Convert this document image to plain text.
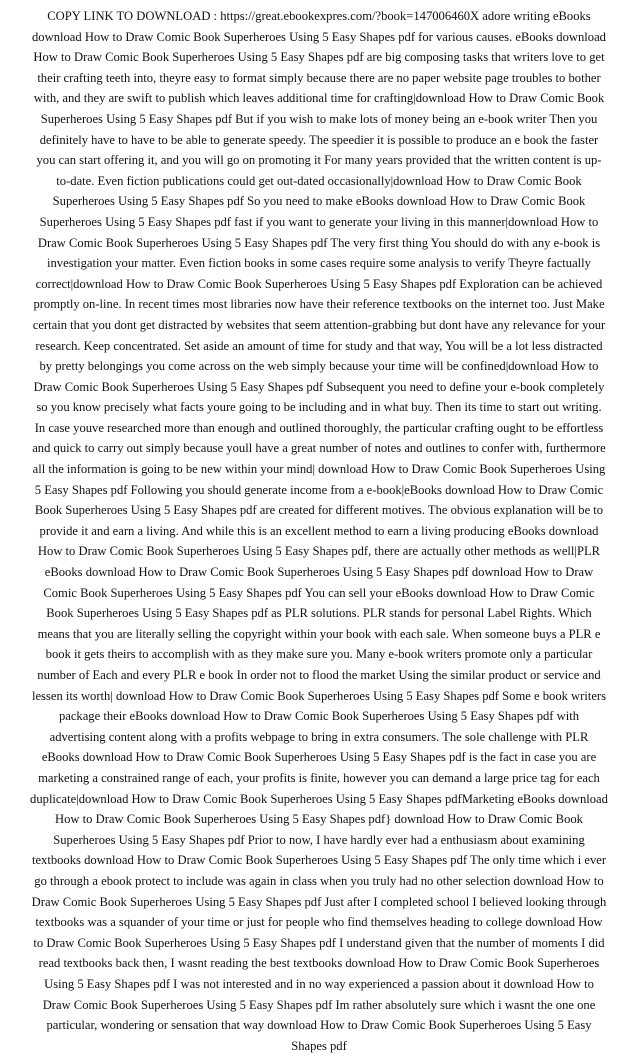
COPY LINK TO DOWNLOAD : https://great.ebookexpres.com/?book=147006460X adore writing eBooks download How to Draw Comic Book Superheroes Using 5 Easy Shapes pdf for various causes. eBooks download How to Draw Comic Book Superheroes Using 5 Easy Shapes pdf are big composing tasks that writers love to get their crafting teeth into, theyre easy to format simply because there are no paper website page troubles to bother with, and they are swift to publish which leaves additional time for crafting|download How to Draw Comic Book Superheroes Using 5 Easy Shapes pdf But if you wish to make lots of money being an e-book writer Then you definitely have to have to be able to generate speedy. The speedier it is possible to produce an e book the faster you can start offering it, and you will go on promoting it For many years provided that the written content is up-to-date. Even fiction publications could get out-dated occasionally|download How to Draw Comic Book Superheroes Using 5 Easy Shapes pdf So you need to make eBooks download How to Draw Comic Book Superheroes Using 5 Easy Shapes pdf fast if you want to generate your living in this manner|download How to Draw Comic Book Superheroes Using 5 Easy Shapes pdf The very first thing You should do with any e-book is investigation your matter. Even fiction books in some cases require some analysis to verify Theyre factually correct|download How to Draw Comic Book Superheroes Using 5 Easy Shapes pdf Exploration can be achieved promptly on-line. In recent times most libraries now have their reference textbooks on the internet too. Just Make certain that you dont get distracted by websites that seem attention-grabbing but dont have any relevance for your research. Keep concentrated. Set aside an amount of time for study and that way, You will be a lot less distracted by pretty belongings you come across on the web simply because your time will be confined|download How to Draw Comic Book Superheroes Using 5 Easy Shapes pdf Subsequent you need to define your e-book completely so you know precisely what facts youre going to be including and in what buy. Then its time to start out writing. In case youve researched more than enough and outlined thoroughly, the particular crafting ought to be effortless and quick to carry out simply because youll have a great number of notes and outlines to confer with, furthermore all the information is going to be new within your mind| download How to Draw Comic Book Superheroes Using 5 Easy Shapes pdf Following you should generate income from a e-book|eBooks download How to Draw Comic Book Superheroes Using 5 Easy Shapes pdf are created for different motives. The obvious explanation will be to provide it and earn a living. And while this is an excellent method to earn a living producing eBooks download How to Draw Comic Book Superheroes Using 5 Easy Shapes pdf, there are actually other methods as well|PLR eBooks download How to Draw Comic Book Superheroes Using 5 Easy Shapes pdf download How to Draw Comic Book Superheroes Using 5 Easy Shapes pdf You can sell your eBooks download How to Draw Comic Book Superheroes Using 5 Easy Shapes pdf as PLR solutions. PLR stands for personal Label Rights. Which means that you are literally selling the copyright within your book with each sale. When someone buys a PLR e book it gets theirs to accomplish with as they make sure you. Many e-book writers promote only a particular number of Each and every PLR e book In order not to flood the market Using the similar product or service and lessen its worth| download How to Draw Comic Book Superheroes Using 5 Easy Shapes pdf Some e book writers package their eBooks download How to Draw Comic Book Superheroes Using 5 Easy Shapes pdf with advertising content along with a profits webpage to bring in extra consumers. The sole challenge with PLR eBooks download How to Draw Comic Book Superheroes Using 5 Easy Shapes pdf is the fact in case you are marketing a constrained range of each, your profits is finite, however you can demand a large price tag for each duplicate|download How to Draw Comic Book Superheroes Using 5 Easy Shapes pdfMarketing eBooks download How to Draw Comic Book Superheroes Using 5 Easy Shapes pdf} download How to Draw Comic Book Superheroes Using 5 Easy Shapes pdf Prior to now, I have hardly ever had a enthusiasm about examining textbooks download How to Draw Comic Book Superheroes Using 5 Easy Shapes pdf The only time which i ever go through a ebook protect to include was again in class when you truly had no other selection download How to Draw Comic Book Superheroes Using 5 Easy Shapes pdf Just after I completed school I believed looking through textbooks was a squander of your time or just for people who find themselves heading to college download How to Draw Comic Book Superheroes Using 5 Easy Shapes pdf I understand given that the number of moments I did read textbooks back then, I wasnt reading the best textbooks download How to Draw Comic Book Superheroes Using 5 Easy Shapes pdf I was not interested and in no way experienced a passion about it download How to Draw Comic Book Superheroes Using 5 Easy Shapes pdf Im rather absolutely sure which i wasnt the one one particular, wondering or sensation that way download How to Draw Comic Book Superheroes Using 5 Easy Shapes pdf
